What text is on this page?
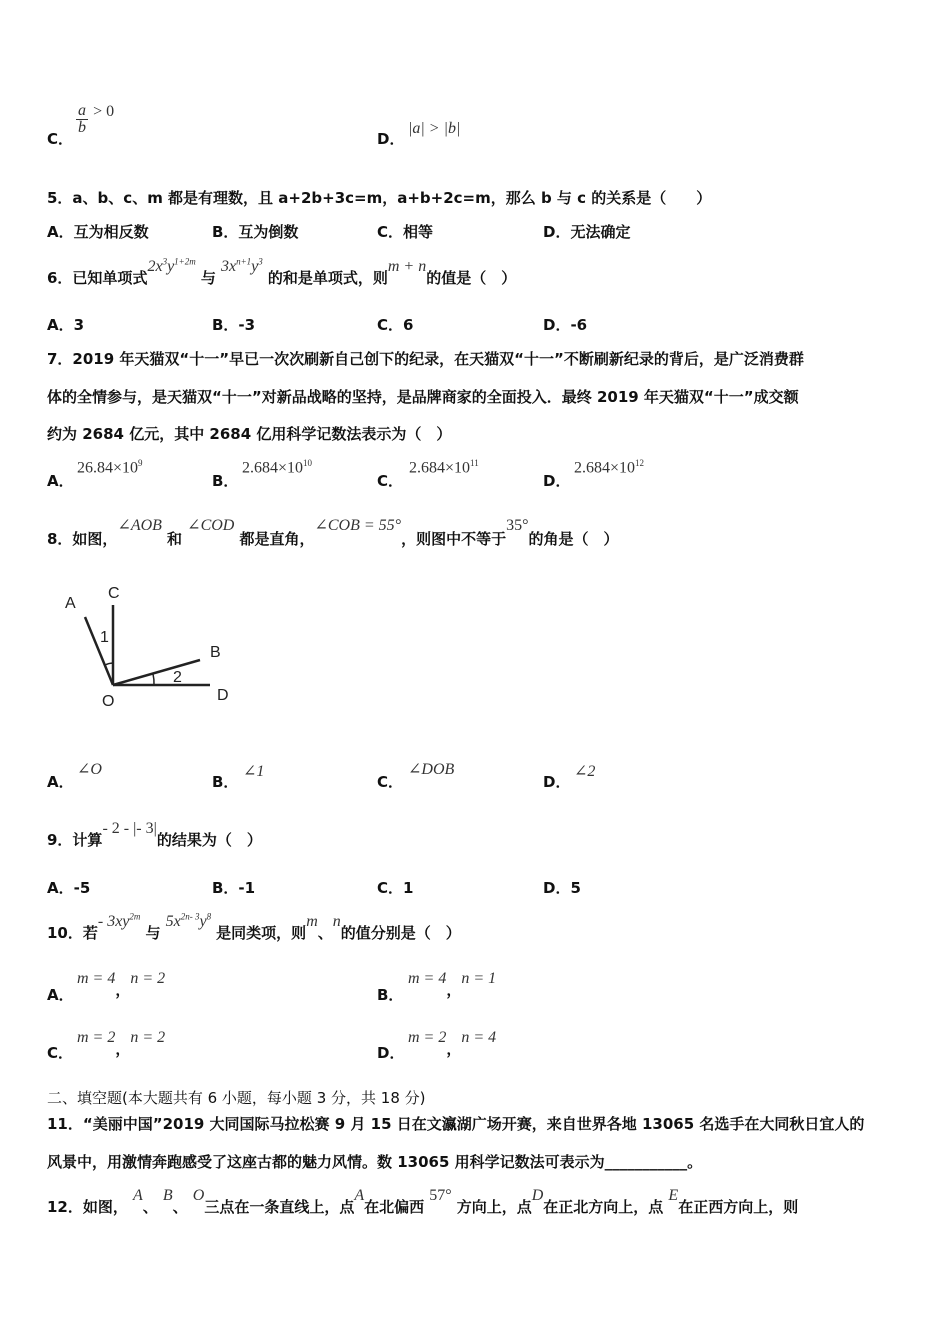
C．
$\frac{a}{b} > 0$
D．
|a| > |b|
5．a、b、c、m 都是有理数，且 a+2b+3c=m，a+b+2c=m，那么 b 与 c 的关系是（　　）
A．互为相反数	B．互为倒数	C．相等	D．无法确定
6．已知单项式$2x^3y^{1+2m}$ 与 $3x^{n+1}y^3$ 的和是单项式，则m + n的值是（　）
A．3	B．-3	C．6	D．-6
7．2019 年天猫双“十一”早已一次次刷新自己创下的纪录，在天猫双“十一”不断刷新纪录的背后，是广泛消费群
体的全情参与，是天猫双“十一”对新品战略的坚持，是品牌商家的全面投入．最终 2019 年天猫双“十一”成交额
约为 2684 亿元，其中 2684 亿用科学记数法表示为（　）
A．
$26.84\times 10^9$
B．
$2.684\times 10^{10}$
C．
$2.684\times 10^{11}$
D．
$2.684\times 10^{12}$
8．如图，∠AOB 和 ∠COD 都是直角，∠COB = 55°，则图中不等于35°的角是（　）
A
C
B
O	D
1
2
A．
∠O
B．
∠1
C．
∠DOB
D．
∠2
9．计算- 2 - |- 3|的结果为（　）
A．-5	B．-1	C．1	D．5
10．若- $3xy^{2m}$ 与 $5x^{2n- 3}y^8$ 是同类项，则m、n的值分别是（　）
A．
m = 4，n = 2
B．
m = 4，n = 1
C．
m = 2，n = 2
D．
m = 2，n = 4
二、填空题(本大题共有 6 小题，每小题 3 分，共 18 分)
11．“美丽中国”2019 大同国际马拉松赛 9 月 15 日在文瀛湖广场开赛，来自世界各地 13065 名选手在大同秋日宜人的
风景中，用激情奔跑感受了这座古都的魅力风情。数 13065 用科学记数法可表示为___________。
12．如图， A、 B、 O三点在一条直线上，点A在北偏西 57° 方向上，点D在正北方向上，点 E在正西方向上，则
